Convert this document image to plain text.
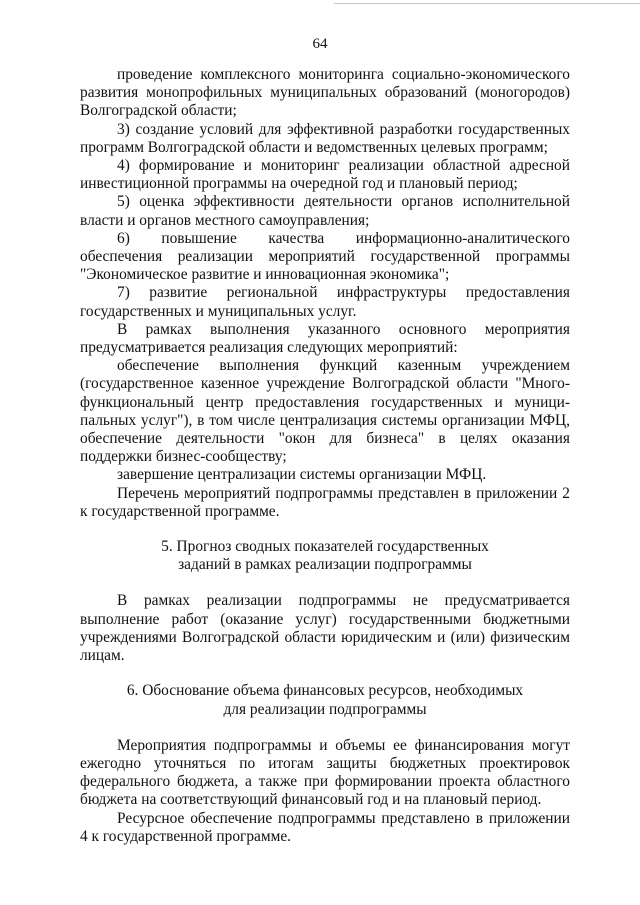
64

проведение комплексного мониторинга социально-экономического развития монопрофильных муниципальных образований (моногородов) Волгоградской области;

3) создание условий для эффективной разработки государственных программ Волгоградской области и ведомственных целевых программ;

4) формирование и мониторинг реализации областной адресной инвестиционной программы на очередной год и плановый период;

5) оценка эффективности деятельности органов исполнительной власти и органов местного самоуправления;

6) повышение качества информационно-аналитического обеспечения реализации мероприятий государственной программы "Экономическое развитие и инновационная экономика";

7) развитие региональной инфраструктуры предоставления государственных и муниципальных услуг.

В рамках выполнения указанного основного мероприятия предусматривается реализация следующих мероприятий:

обеспечение выполнения функций казенным учреждением (государственное казенное учреждение Волгоградской области "Многофункциональный центр предоставления государственных и муниципальных услуг"), в том числе централизация системы организации МФЦ, обеспечение деятельности "окон для бизнеса" в целях оказания поддержки бизнес-сообществу;

завершение централизации системы организации МФЦ.

Перечень мероприятий подпрограммы представлен в приложении 2 к государственной программе.

5. Прогноз сводных показателей государственных
заданий в рамках реализации подпрограммы

В рамках реализации подпрограммы не предусматривается выполнение работ (оказание услуг) государственными бюджетными учреждениями Волгоградской области юридическим и (или) физическим лицам.

6. Обоснование объема финансовых ресурсов, необходимых
для реализации подпрограммы

Мероприятия подпрограммы и объемы ее финансирования могут ежегодно уточняться по итогам защиты бюджетных проектировок федерального бюджета, а также при формировании проекта областного бюджета на соответствующий финансовый год и на плановый период.

Ресурсное обеспечение подпрограммы представлено в приложении 4 к государственной программе.
